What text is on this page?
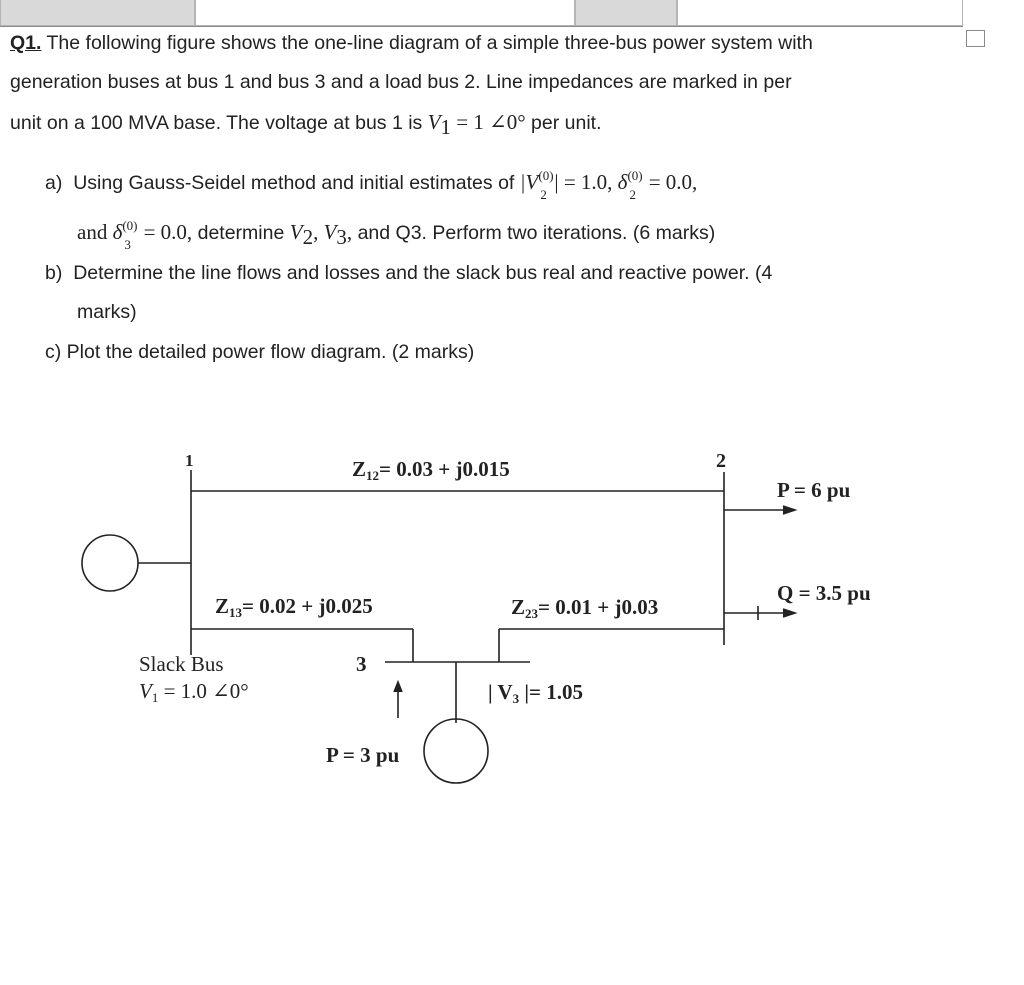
Q1. The following figure shows the one-line diagram of a simple three-bus power system with
generation buses at bus 1 and bus 3 and a load bus 2. Line impedances are marked in per
unit on a 100 MVA base. The voltage at bus 1 is $V_1 = 1$ ∠0° per unit.
a) Using Gauss-Seidel method and initial estimates of |V (0)
2
| = 1.0, δ (0)
2
= 0.0,
and δ (0)
3
= 0.0, determine $V_2$, $V_3$, and Q3. Perform two iterations. (6 marks)
b) Determine the line flows and losses and the slack bus real and reactive power. (4
marks)
c) Plot the detailed power flow diagram. (2 marks)
1	2
3
Z12= 0.03 + j0.015
Z13= 0.02 + j0.025	Z23= 0.01 + j0.03
P = 6 pu
Q = 3.5 pu
Slack Bus
V1 = 1.0 ∠0°	| V3 |= 1.05
P = 3 pu
